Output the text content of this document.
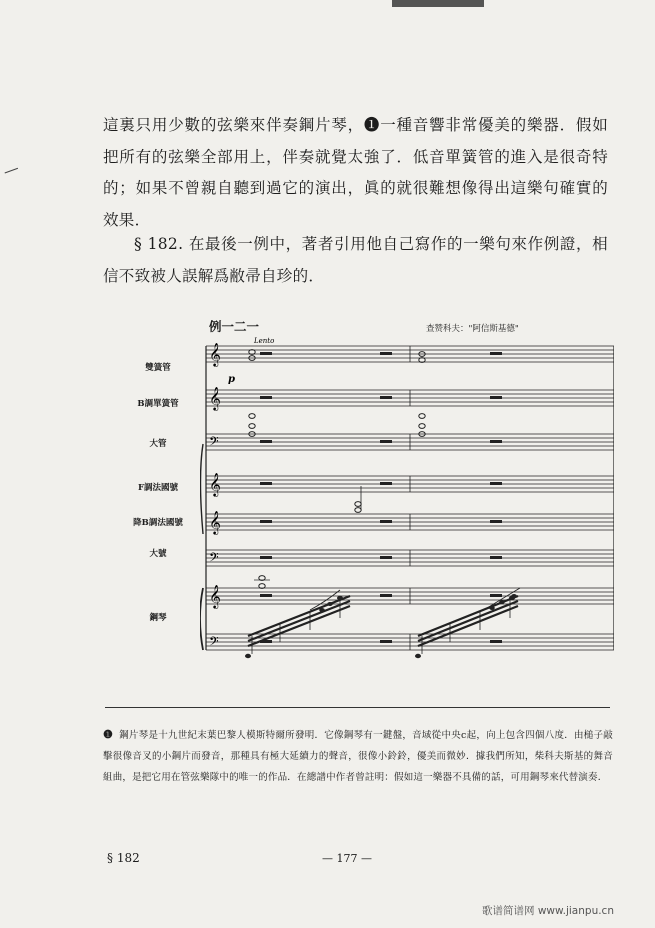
這裏只用少數的弦樂來伴奏鋼片琴，❶一種音響非常優美的樂器．假如把所有的弦樂全部用上，伴奏就覺太強了．低音單簧管的進入是很奇特的；如果不曾親自聽到過它的演出，眞的就很難想像得出這樂句確實的效果．

§ 182. 在最後一例中，著者引用他自己寫作的一樂句來作例證，相信不致被人誤解爲敝帚自珍的．

例一二一	查赞科夫："阿信斯基德"
雙簧管
B調單簧管
大管
F調法國號
降B調法國號
大號
鋼琴
𝄞
𝄞
𝄢
𝄞
𝄞
𝄢
𝄞
𝄢
Lento
p

❶ 鋼片琴是十九世紀末葉巴黎人模斯特爾所發明．它像鋼琴有一鍵盤，音域從中央c起，向上包含四個八度．由槌子敲擊很像音叉的小鋼片而發音，那種具有極大延續力的聲音，很像小鈴鈴，優美而微妙．據我們所知，柴科夫斯基的舞音組曲，是把它用在管弦樂隊中的唯一的作品．在總譜中作者曾註明：假如這一樂器不具備的話，可用鋼琴來代替演奏．

§ 182	— 177 —
歌谱简谱网 www.jianpu.cn
